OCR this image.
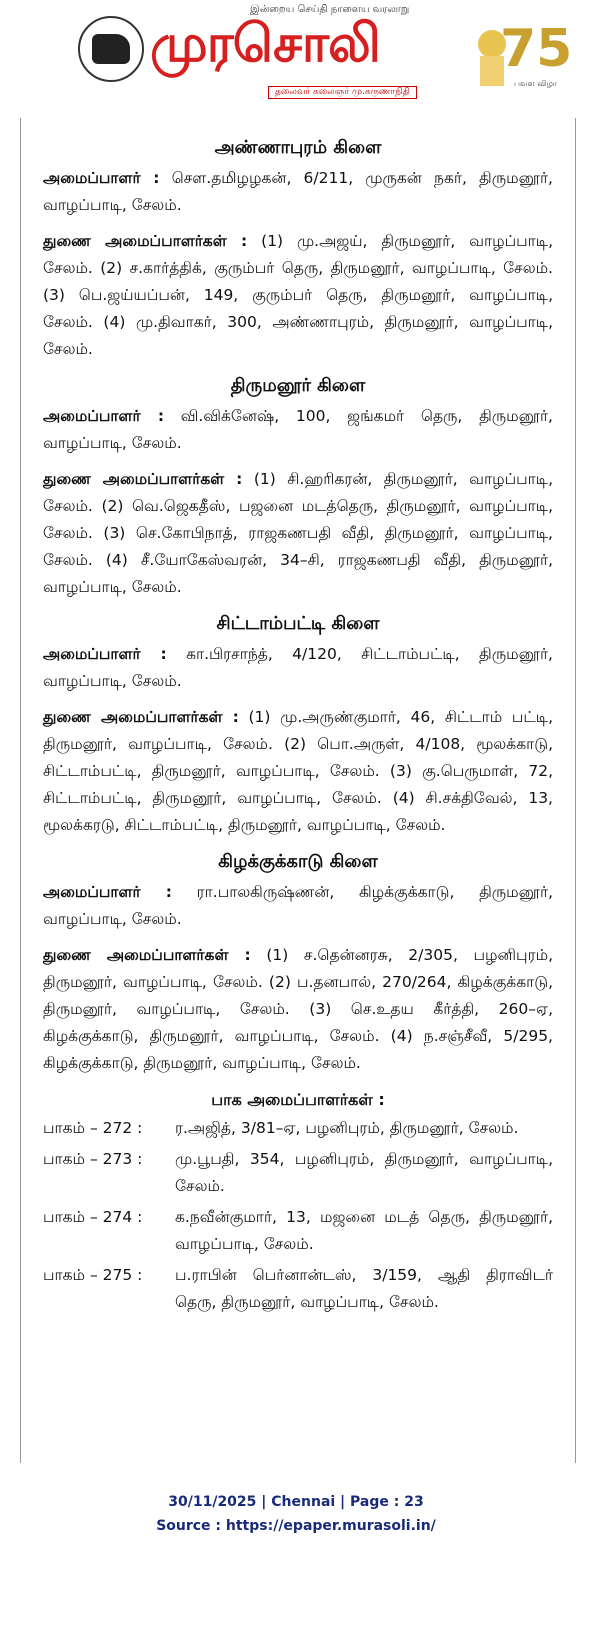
இன்றைய செய்தி நாளைய வரலாறு
முரசொலி
தலைவர் கலைஞர் மு.கருணாநிதி
75
பவள விழா
அண்ணாபுரம் கிளை

அமைப்பாளர் : சௌ.தமிழழகன், 6/211, முருகன் நகர், திருமனூர், வாழப்பாடி, சேலம்.

துணை அமைப்பாளர்கள் : (1) மு.அஜய், திருமனூர், வாழப்பாடி, சேலம். (2) ச.கார்த்திக், குரும்பர் தெரு, திருமனூர், வாழப்பாடி, சேலம். (3) பெ.ஜய்யப்பன், 149, குரும்பர் தெரு, திருமனூர், வாழப்பாடி, சேலம். (4) மு.திவாகர், 300, அண்ணாபுரம், திருமனூர், வாழப்பாடி, சேலம்.

திருமனூர் கிளை

அமைப்பாளர் : வி.விக்னேஷ், 100, ஜங்கமர் தெரு, திருமனூர், வாழப்பாடி, சேலம்.

துணை அமைப்பாளர்கள் : (1) சி.ஹரிகரன், திருமனூர், வாழப்பாடி, சேலம். (2) வெ.ஜெகதீஸ், பஜனை மடத்தெரு, திருமனூர், வாழப்பாடி, சேலம். (3) செ.கோபிநாத், ராஜகணபதி வீதி, திருமனூர், வாழப்பாடி, சேலம். (4) சீ.யோகேஸ்வரன், 34–சி, ராஜகணபதி வீதி, திருமனூர், வாழப்பாடி, சேலம்.

சிட்டாம்பட்டி கிளை

அமைப்பாளர் : கா.பிரசாந்த், 4/120, சிட்டாம்பட்டி, திருமனூர், வாழப்பாடி, சேலம்.

துணை அமைப்பாளர்கள் : (1) மு.அருண்குமார், 46, சிட்டாம் பட்டி, திருமனூர், வாழப்பாடி, சேலம். (2) பொ.அருள், 4/108, மூலக்காடு, சிட்டாம்பட்டி, திருமனூர், வாழப்பாடி, சேலம். (3) கு.பெருமாள், 72, சிட்டாம்பட்டி, திருமனூர், வாழப்பாடி, சேலம். (4) சி.சக்திவேல், 13, மூலக்கரடு, சிட்டாம்பட்டி, திருமனூர், வாழப்பாடி, சேலம்.

கிழக்குக்காடு கிளை

அமைப்பாளர் : ரா.பாலகிருஷ்ணன், கிழக்குக்காடு, திருமனூர், வாழப்பாடி, சேலம்.

துணை அமைப்பாளர்கள் : (1) ச.தென்னரசு, 2/305, பழனிபுரம், திருமனூர், வாழப்பாடி, சேலம். (2) ப.தனபால், 270/264, கிழக்குக்காடு, திருமனூர், வாழப்பாடி, சேலம். (3) செ.உதய கீர்த்தி, 260–ஏ, கிழக்குக்காடு, திருமனூர், வாழப்பாடி, சேலம். (4) ந.சஞ்சீவீ, 5/295, கிழக்குக்காடு, திருமனூர், வாழப்பாடி, சேலம்.

பாக அமைப்பாளர்கள் :
பாகம் – 272 :	ர.அஜித், 3/81–ஏ, பழனிபுரம், திருமனூர், சேலம்.
பாகம் – 273 :	மு.பூபதி, 354, பழனிபுரம், திருமனூர், வாழப்பாடி, சேலம்.
பாகம் – 274 :	க.நவீன்குமார், 13, மஜனை மடத் தெரு, திருமனூர், வாழப்பாடி, சேலம்.
பாகம் – 275 :	ப.ராபின் பெர்னான்டஸ், 3/159, ஆதி திராவிடர் தெரு, திருமனூர், வாழப்பாடி, சேலம்.
30/11/2025 | Chennai | Page : 23
Source : https://epaper.murasoli.in/
